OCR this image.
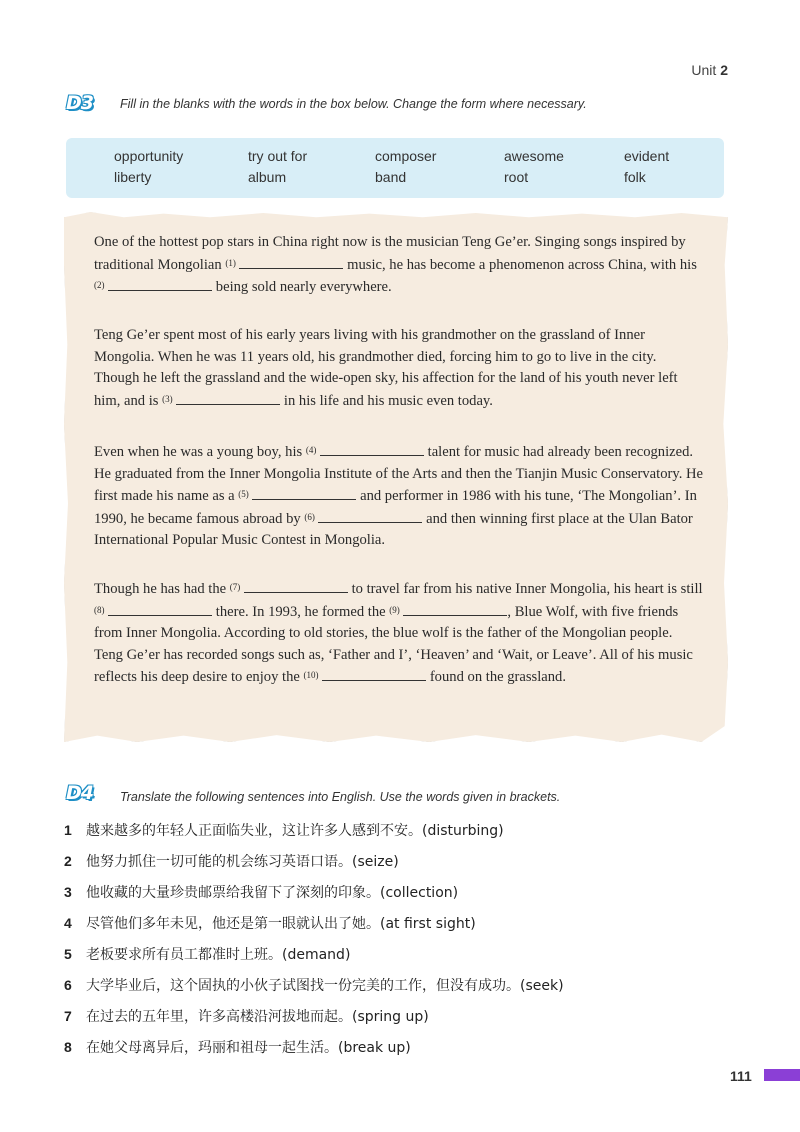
Unit 2
D3	Fill in the blanks with the words in the box below. Change the form where necessary.
opportunity	try out for	composer	awesome	evident
liberty	album	band	root	folk

One of the hottest pop stars in China right now is the musician Teng Ge’er. Singing songs inspired by traditional Mongolian $^{(1)}$	music, he has become a phenomenon across China, with his $^{(2)}$	being sold nearly everywhere.

Teng Ge’er spent most of his early years living with his grandmother on the grassland of Inner Mongolia. When he was 11 years old, his grandmother died, forcing him to go to live in the city. Though he left the grassland and the wide-open sky, his affection for the land of his youth never left him, and is $^{(3)}$	in his life and his music even today.

Even when he was a young boy, his $^{(4)}$	talent for music had already been recognized. He graduated from the Inner Mongolia Institute of the Arts and then the Tianjin Music Conservatory. He first made his name as a $^{(5)}$	and performer in 1986 with his tune, ‘The Mongolian’. In 1990, he became famous abroad by $^{(6)}$	and then winning first place at the Ulan Bator International Popular Music Contest in Mongolia.

Though he has had the $^{(7)}$	to travel far from his native Inner Mongolia, his heart is still $^{(8)}$	there. In 1993, he formed the $^{(9)}$	, Blue Wolf, with five friends from Inner Mongolia. According to old stories, the blue wolf is the father of the Mongolian people. Teng Ge’er has recorded songs such as, ‘Father and I’, ‘Heaven’ and ‘Wait, or Leave’. All of his music reflects his deep desire to enjoy the $^{(10)}$	found on the grassland.

D4	Translate the following sentences into English. Use the words given in brackets.
1 越来越多的年轻人正面临失业，这让许多人感到不安。(disturbing)
2 他努力抓住一切可能的机会练习英语口语。(seize)
3 他收藏的大量珍贵邮票给我留下了深刻的印象。(collection)
4 尽管他们多年未见，他还是第一眼就认出了她。(at first sight)
5 老板要求所有员工都准时上班。(demand)
6 大学毕业后，这个固执的小伙子试图找一份完美的工作，但没有成功。(seek)
7 在过去的五年里，许多高楼沿河拔地而起。(spring up)
8 在她父母离异后，玛丽和祖母一起生活。(break up)
111
